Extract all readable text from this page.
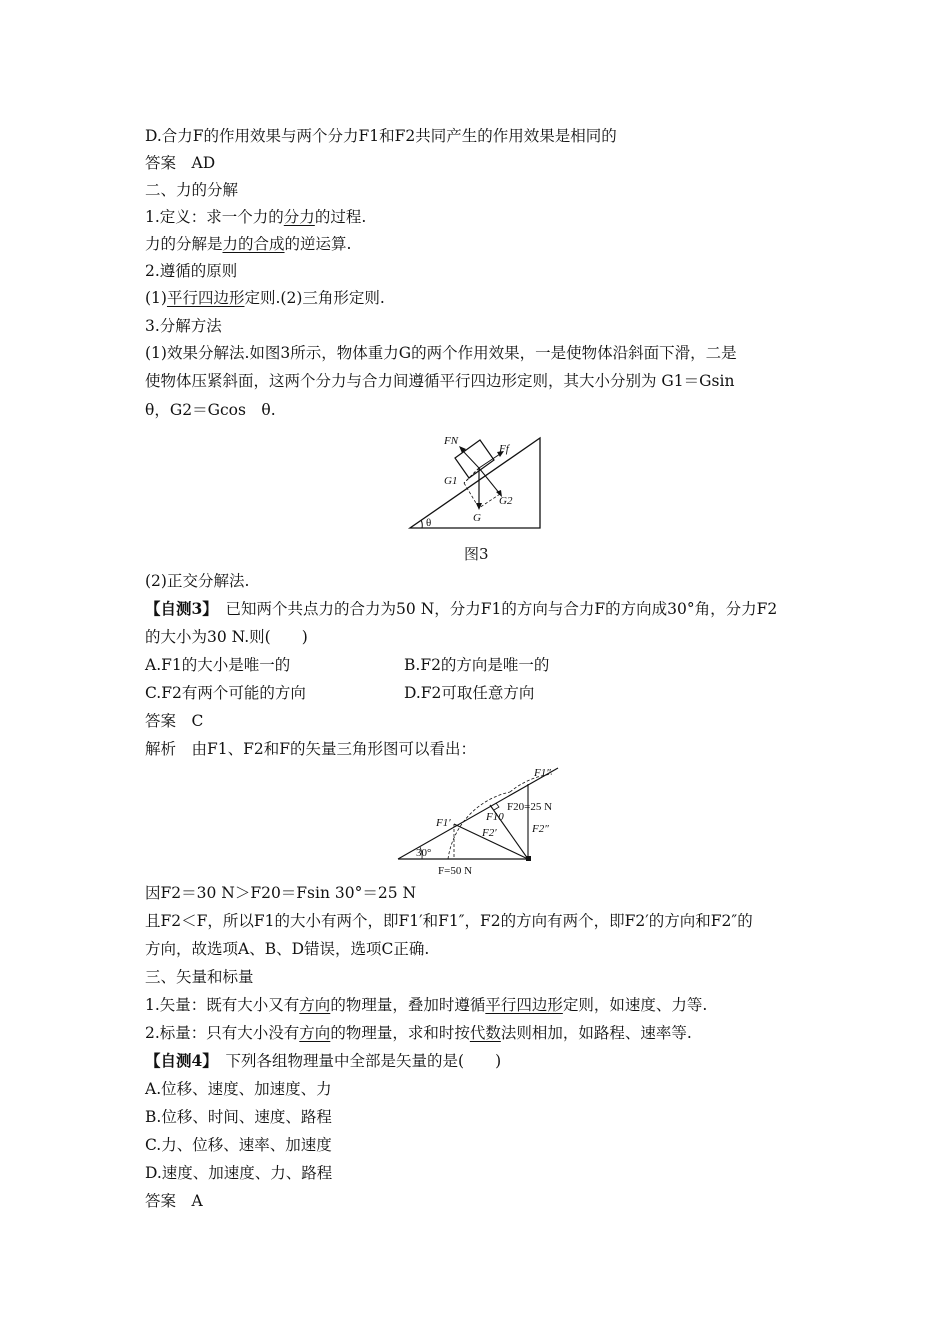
D.合力F的作用效果与两个分力F1和F2共同产生的作用效果是相同的
答案　AD
二、力的分解
1.定义：求一个力的分力的过程.
力的分解是力的合成的逆运算.
2.遵循的原则
(1)平行四边形定则.(2)三角形定则.
3.分解方法
(1)效果分解法.如图3所示，物体重力G的两个作用效果，一是使物体沿斜面下滑，二是
使物体压紧斜面，这两个分力与合力间遵循平行四边形定则，其大小分别为 G1＝Gsin
θ，G2＝Gcos　θ.
θ
FN
Ff
G1
G2
G
图3
(2)正交分解法.
【自测3】　已知两个共点力的合力为50 N，分力F1的方向与合力F的方向成30°角，分力F2
的大小为30 N.则(　　)
A.F1的大小是唯一的	B.F2的方向是唯一的
C.F2有两个可能的方向	D.F2可取任意方向
答案　C
解析　由F1、F2和F的矢量三角形图可以看出：
F1″
F20=25 N
F10
F1′
F2′	F2″
30°
F=50 N
因F2＝30 N＞F20＝Fsin 30°＝25 N
且F2＜F，所以F1的大小有两个，即F1′和F1″，F2的方向有两个，即F2′的方向和F2″的
方向，故选项A、B、D错误，选项C正确.
三、矢量和标量
1.矢量：既有大小又有方向的物理量，叠加时遵循平行四边形定则，如速度、力等.
2.标量：只有大小没有方向的物理量，求和时按代数法则相加，如路程、速率等.
【自测4】　下列各组物理量中全部是矢量的是(　　)
A.位移、速度、加速度、力
B.位移、时间、速度、路程
C.力、位移、速率、加速度
D.速度、加速度、力、路程
答案　A
